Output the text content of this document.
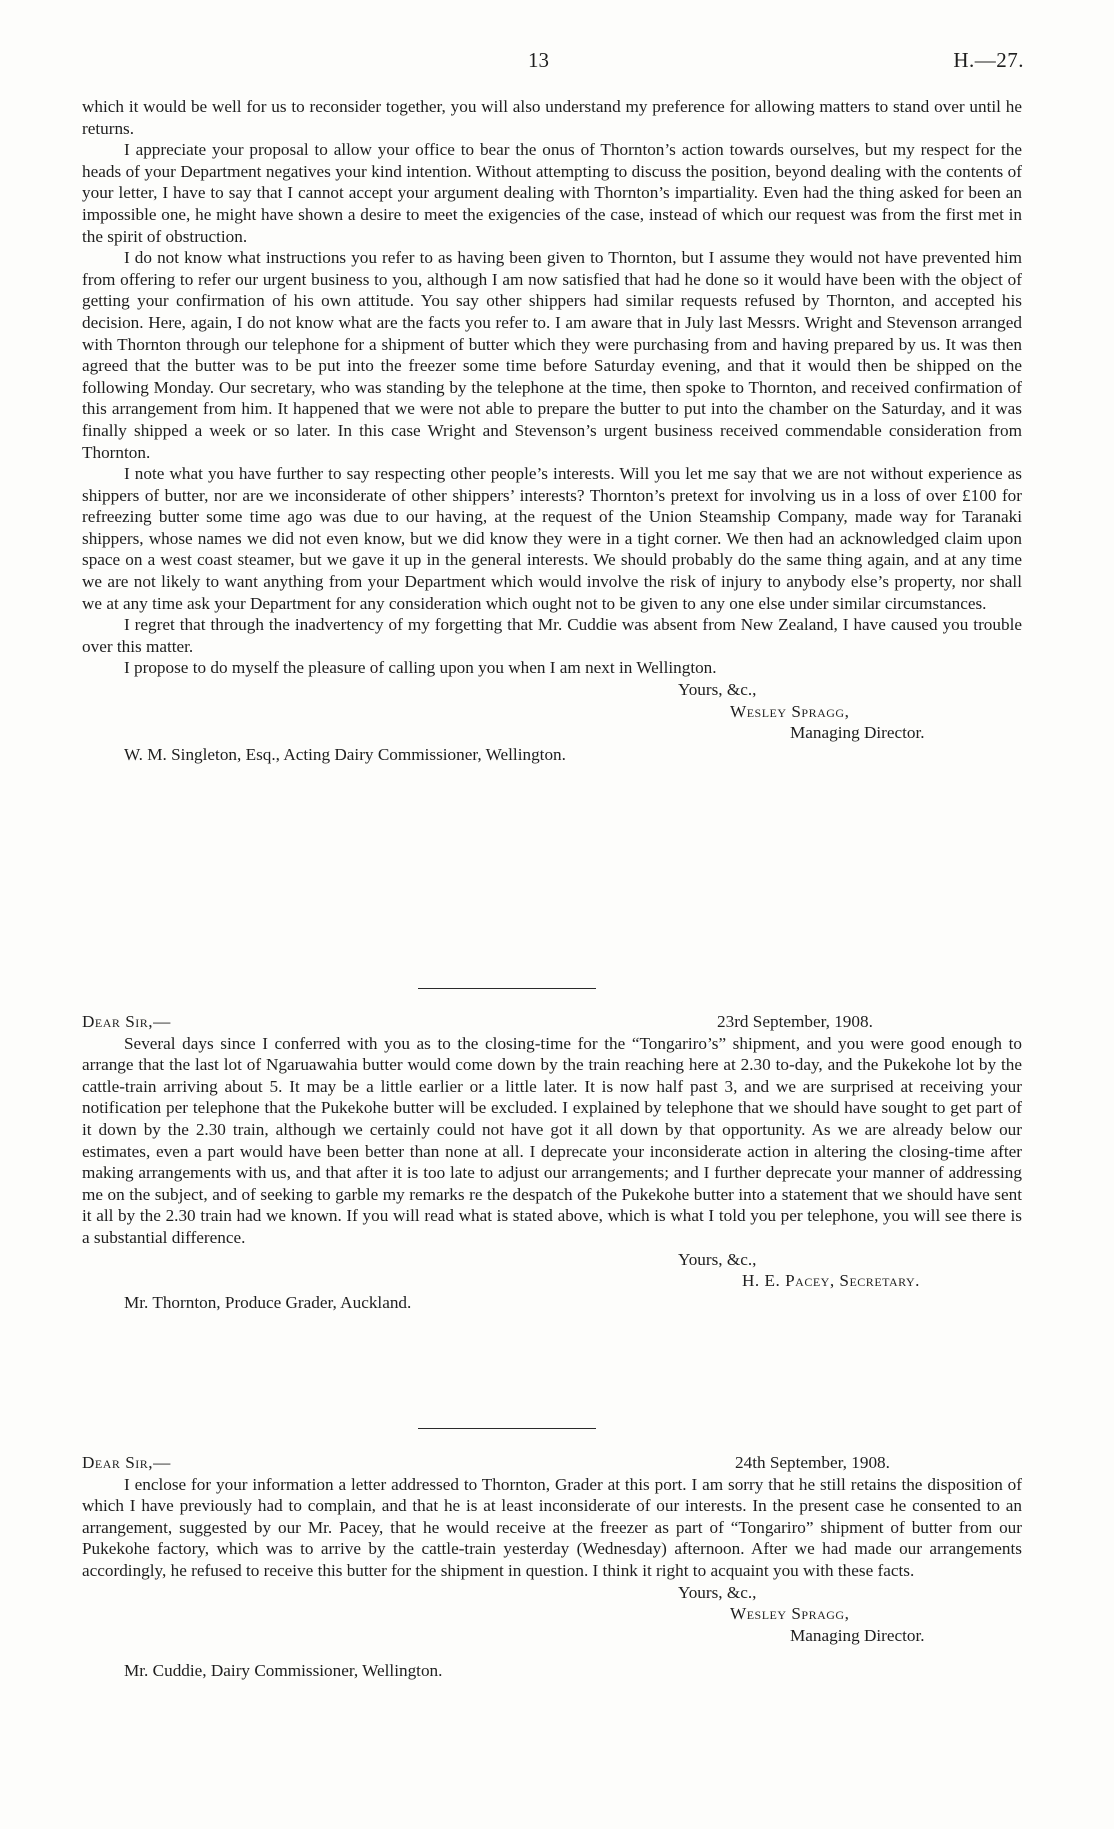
13	H.—27.

which it would be well for us to reconsider together, you will also understand my preference for allowing matters to stand over until he returns.

I appreciate your proposal to allow your office to bear the onus of Thornton’s action towards ourselves, but my respect for the heads of your Department negatives your kind intention. Without attempting to discuss the position, beyond dealing with the contents of your letter, I have to say that I cannot accept your argument dealing with Thornton’s impartiality. Even had the thing asked for been an impossible one, he might have shown a desire to meet the exigencies of the case, instead of which our request was from the first met in the spirit of obstruction.

I do not know what instructions you refer to as having been given to Thornton, but I assume they would not have prevented him from offering to refer our urgent business to you, although I am now satisfied that had he done so it would have been with the object of getting your confirmation of his own attitude. You say other shippers had similar requests refused by Thornton, and accepted his decision. Here, again, I do not know what are the facts you refer to. I am aware that in July last Messrs. Wright and Stevenson arranged with Thornton through our telephone for a shipment of butter which they were purchasing from and having prepared by us. It was then agreed that the butter was to be put into the freezer some time before Saturday evening, and that it would then be shipped on the following Monday. Our secretary, who was standing by the telephone at the time, then spoke to Thornton, and received confirmation of this arrangement from him. It happened that we were not able to prepare the butter to put into the chamber on the Saturday, and it was finally shipped a week or so later. In this case Wright and Stevenson’s urgent business received commendable consideration from Thornton.

I note what you have further to say respecting other people’s interests. Will you let me say that we are not without experience as shippers of butter, nor are we inconsiderate of other shippers’ interests? Thornton’s pretext for involving us in a loss of over £100 for refreezing butter some time ago was due to our having, at the request of the Union Steamship Company, made way for Taranaki shippers, whose names we did not even know, but we did know they were in a tight corner. We then had an acknowledged claim upon space on a west coast steamer, but we gave it up in the general interests. We should probably do the same thing again, and at any time we are not likely to want anything from your Department which would involve the risk of injury to anybody else’s property, nor shall we at any time ask your Department for any consideration which ought not to be given to any one else under similar circumstances.

I regret that through the inadvertency of my forgetting that Mr. Cuddie was absent from New Zealand, I have caused you trouble over this matter.

I propose to do myself the pleasure of calling upon you when I am next in Wellington.

Yours, &c.,
Wesley Spragg,
Managing Director.
W. M. Singleton, Esq., Acting Dairy Commissioner, Wellington.
Dear Sir,—	23rd September, 1908.

Several days since I conferred with you as to the closing-time for the “Tongariro’s” shipment, and you were good enough to arrange that the last lot of Ngaruawahia butter would come down by the train reaching here at 2.30 to-day, and the Pukekohe lot by the cattle-train arriving about 5. It may be a little earlier or a little later. It is now half past 3, and we are surprised at receiving your notification per telephone that the Pukekohe butter will be excluded. I explained by telephone that we should have sought to get part of it down by the 2.30 train, although we certainly could not have got it all down by that opportunity. As we are already below our estimates, even a part would have been better than none at all. I deprecate your inconsiderate action in altering the closing-time after making arrangements with us, and that after it is too late to adjust our arrangements; and I further deprecate your manner of addressing me on the subject, and of seeking to garble my remarks re the despatch of the Pukekohe butter into a statement that we should have sent it all by the 2.30 train had we known. If you will read what is stated above, which is what I told you per telephone, you will see there is a substantial difference.

Yours, &c.,
H. E. Pacey, Secretary.
Mr. Thornton, Produce Grader, Auckland.
Dear Sir,—	24th September, 1908.

I enclose for your information a letter addressed to Thornton, Grader at this port. I am sorry that he still retains the disposition of which I have previously had to complain, and that he is at least inconsiderate of our interests. In the present case he consented to an arrangement, suggested by our Mr. Pacey, that he would receive at the freezer as part of “Tongariro” shipment of butter from our Pukekohe factory, which was to arrive by the cattle-train yesterday (Wednesday) afternoon. After we had made our arrangements accordingly, he refused to receive this butter for the shipment in question. I think it right to acquaint you with these facts.

Yours, &c.,
Wesley Spragg,
Managing Director.
Mr. Cuddie, Dairy Commissioner, Wellington.
